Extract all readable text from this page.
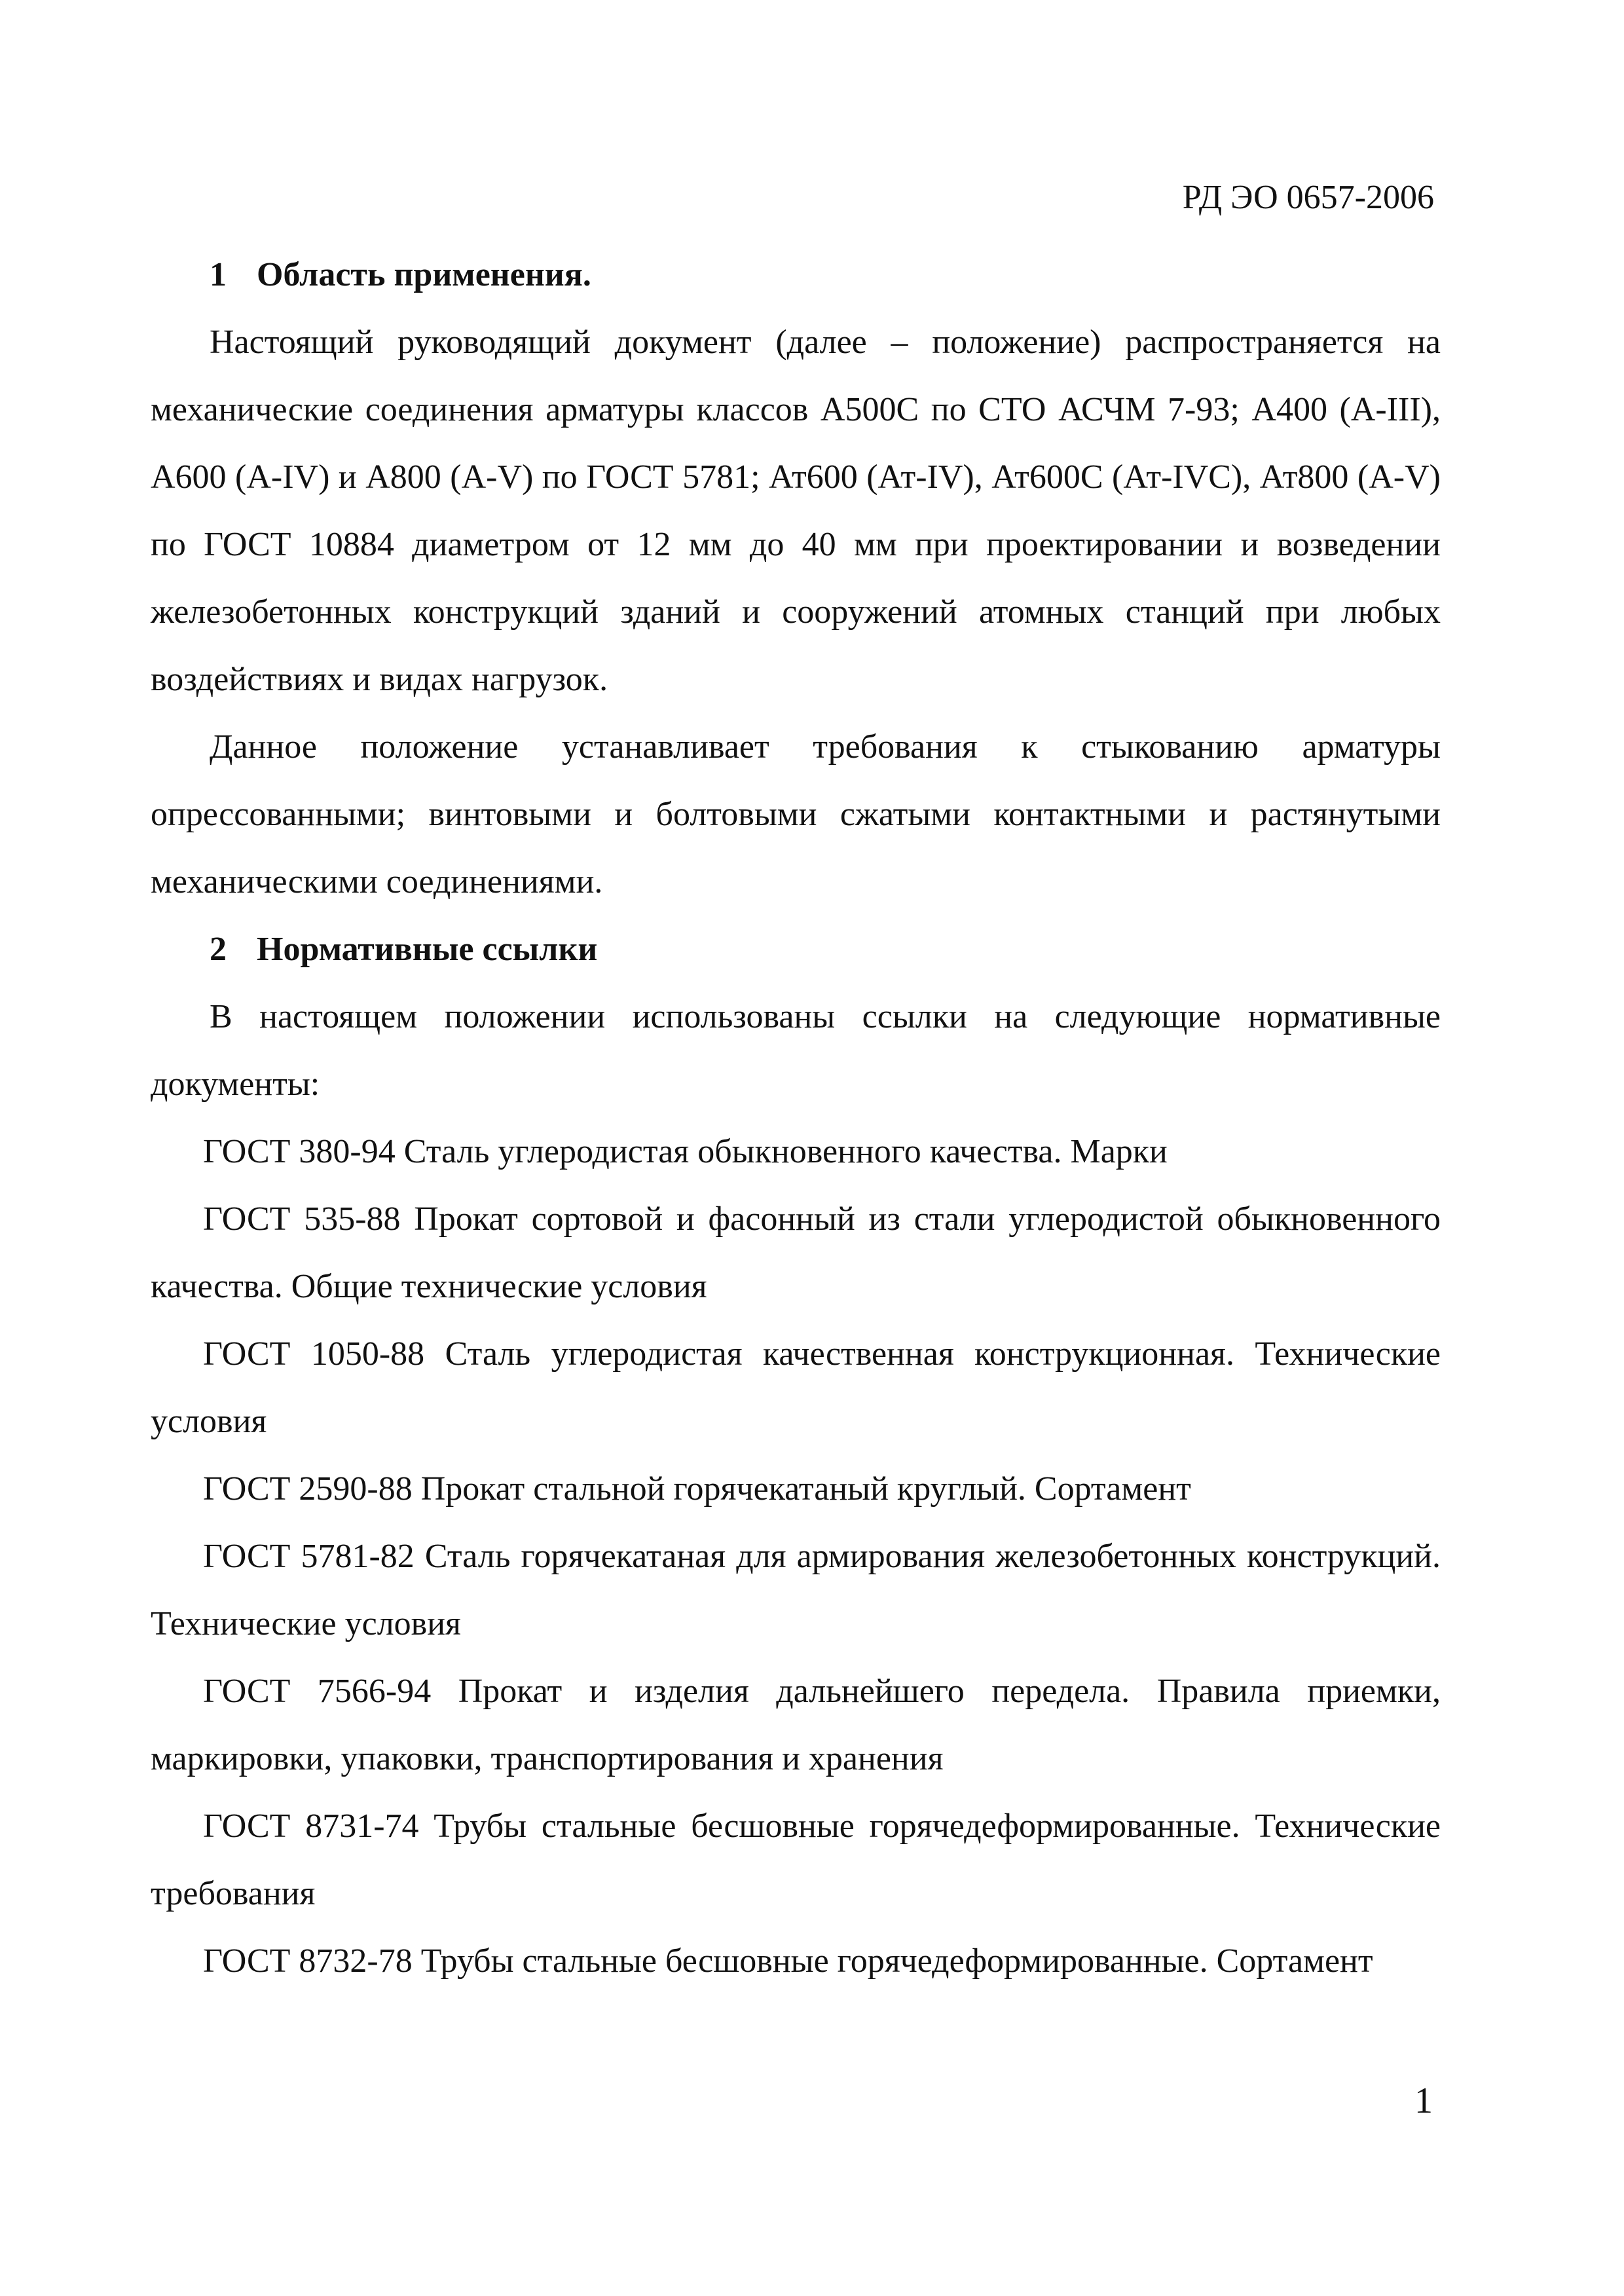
РД ЭО 0657-2006

1 Область применения.

Настоящий руководящий документ (далее – положение) распространяется на механические соединения арматуры классов А500С по СТО АСЧМ 7-93; А400 (А-III), А600 (А-IV) и А800 (А-V) по ГОСТ 5781; Ат600 (Ат-IV), Ат600С (Ат-IVС), Ат800 (А-V) по ГОСТ 10884 диаметром от 12 мм до 40 мм при проектировании и возведении железобетонных конструкций зданий и сооружений атомных станций при любых воздействиях и видах нагрузок.

Данное положение устанавливает требования к стыкованию арматуры опрессованными; винтовыми и болтовыми сжатыми контактными и растянутыми механическими соединениями.

2 Нормативные ссылки

В настоящем положении использованы ссылки на следующие нормативные документы:

ГОСТ 380-94 Сталь углеродистая обыкновенного качества. Марки

ГОСТ 535-88 Прокат сортовой и фасонный из стали углеродистой обыкновенного качества. Общие технические условия

ГОСТ 1050-88 Сталь углеродистая качественная конструкционная. Технические условия

ГОСТ 2590-88 Прокат стальной горячекатаный круглый. Сортамент

ГОСТ 5781-82 Сталь горячекатаная для армирования железобетонных конструкций. Технические условия

ГОСТ 7566-94 Прокат и изделия дальнейшего передела. Правила приемки, маркировки, упаковки, транспортирования и хранения

ГОСТ 8731-74 Трубы стальные бесшовные горячедеформированные. Технические требования

ГОСТ 8732-78 Трубы стальные бесшовные горячедеформированные. Сортамент

1
